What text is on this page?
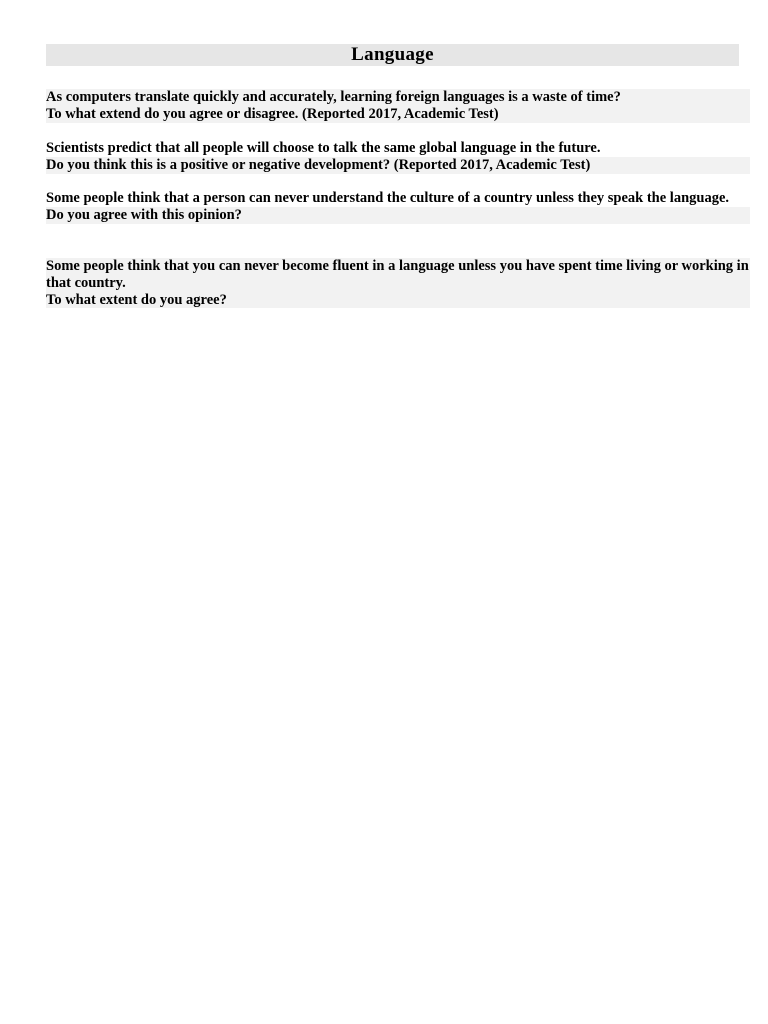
Language
As computers translate quickly and accurately, learning foreign languages is a waste of time?
To what extend do you agree or disagree. (Reported 2017, Academic Test)
Scientists predict that all people will choose to talk the same global language in the future.
Do you think this is a positive or negative development? (Reported 2017, Academic Test)
Some people think that a person can never understand the culture of a country unless they speak the language.
Do you agree with this opinion?
Some people think that you can never become fluent in a language unless you have spent time living or working in that country.
To what extent do you agree?
